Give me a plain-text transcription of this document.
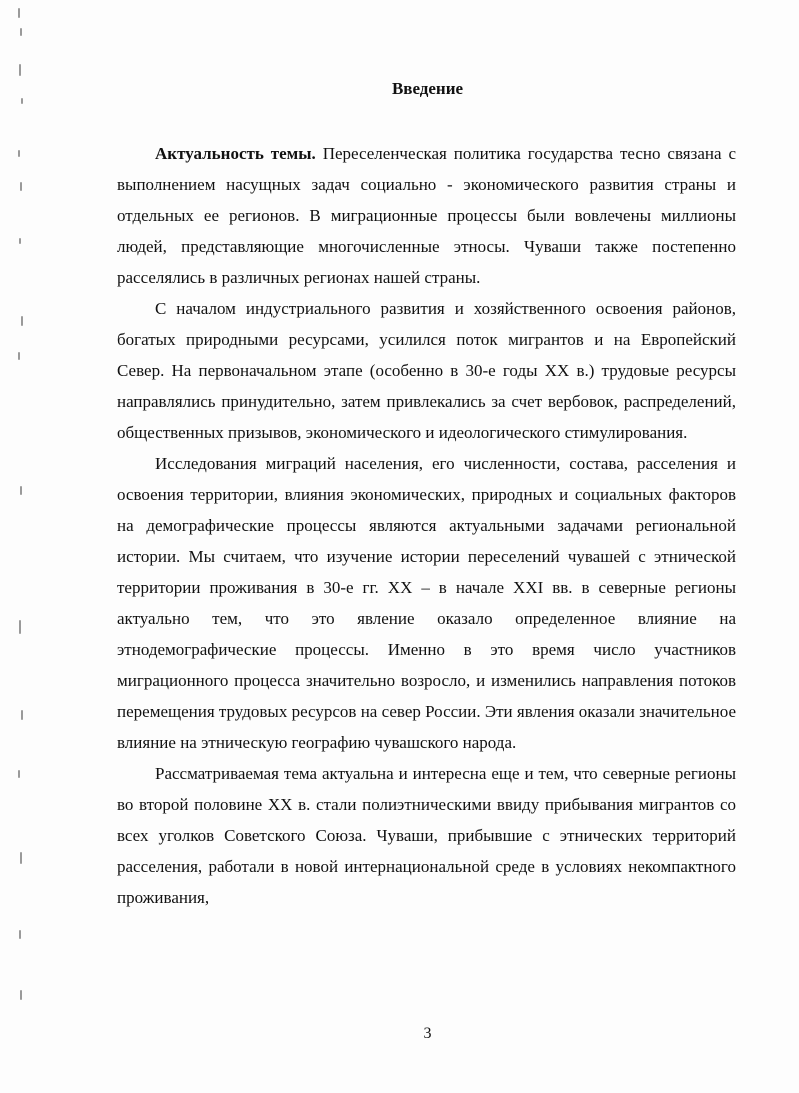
Введение

Актуальность темы. Переселенческая политика государства тесно связана с выполнением насущных задач социально - экономического развития страны и отдельных ее регионов. В миграционные процессы были вовлечены миллионы людей, представляющие многочисленные этносы. Чуваши также постепенно расселялись в различных регионах нашей страны.

С началом индустриального развития и хозяйственного освоения районов, богатых природными ресурсами, усилился поток мигрантов и на Европейский Север. На первоначальном этапе (особенно в 30-е годы XX в.) трудовые ресурсы направлялись принудительно, затем привлекались за счет вербовок, распределений, общественных призывов, экономического и идеологического стимулирования.

Исследования миграций населения, его численности, состава, расселения и освоения территории, влияния экономических, природных и социальных факторов на демографические процессы являются актуальными задачами региональной истории. Мы считаем, что изучение истории переселений чувашей с этнической территории проживания в 30-е гг. XX – в начале XXI вв. в северные регионы актуально тем, что это явление оказало определенное влияние на этнодемографические процессы. Именно в это время число участников миграционного процесса значительно возросло, и изменились направления потоков перемещения трудовых ресурсов на север России. Эти явления оказали значительное влияние на этническую географию чувашского народа.

Рассматриваемая тема актуальна и интересна еще и тем, что северные регионы во второй половине XX в. стали полиэтническими ввиду прибывания мигрантов со всех уголков Советского Союза. Чуваши, прибывшие с этнических территорий расселения, работали в новой интернациональной среде в условиях некомпактного проживания,

3
